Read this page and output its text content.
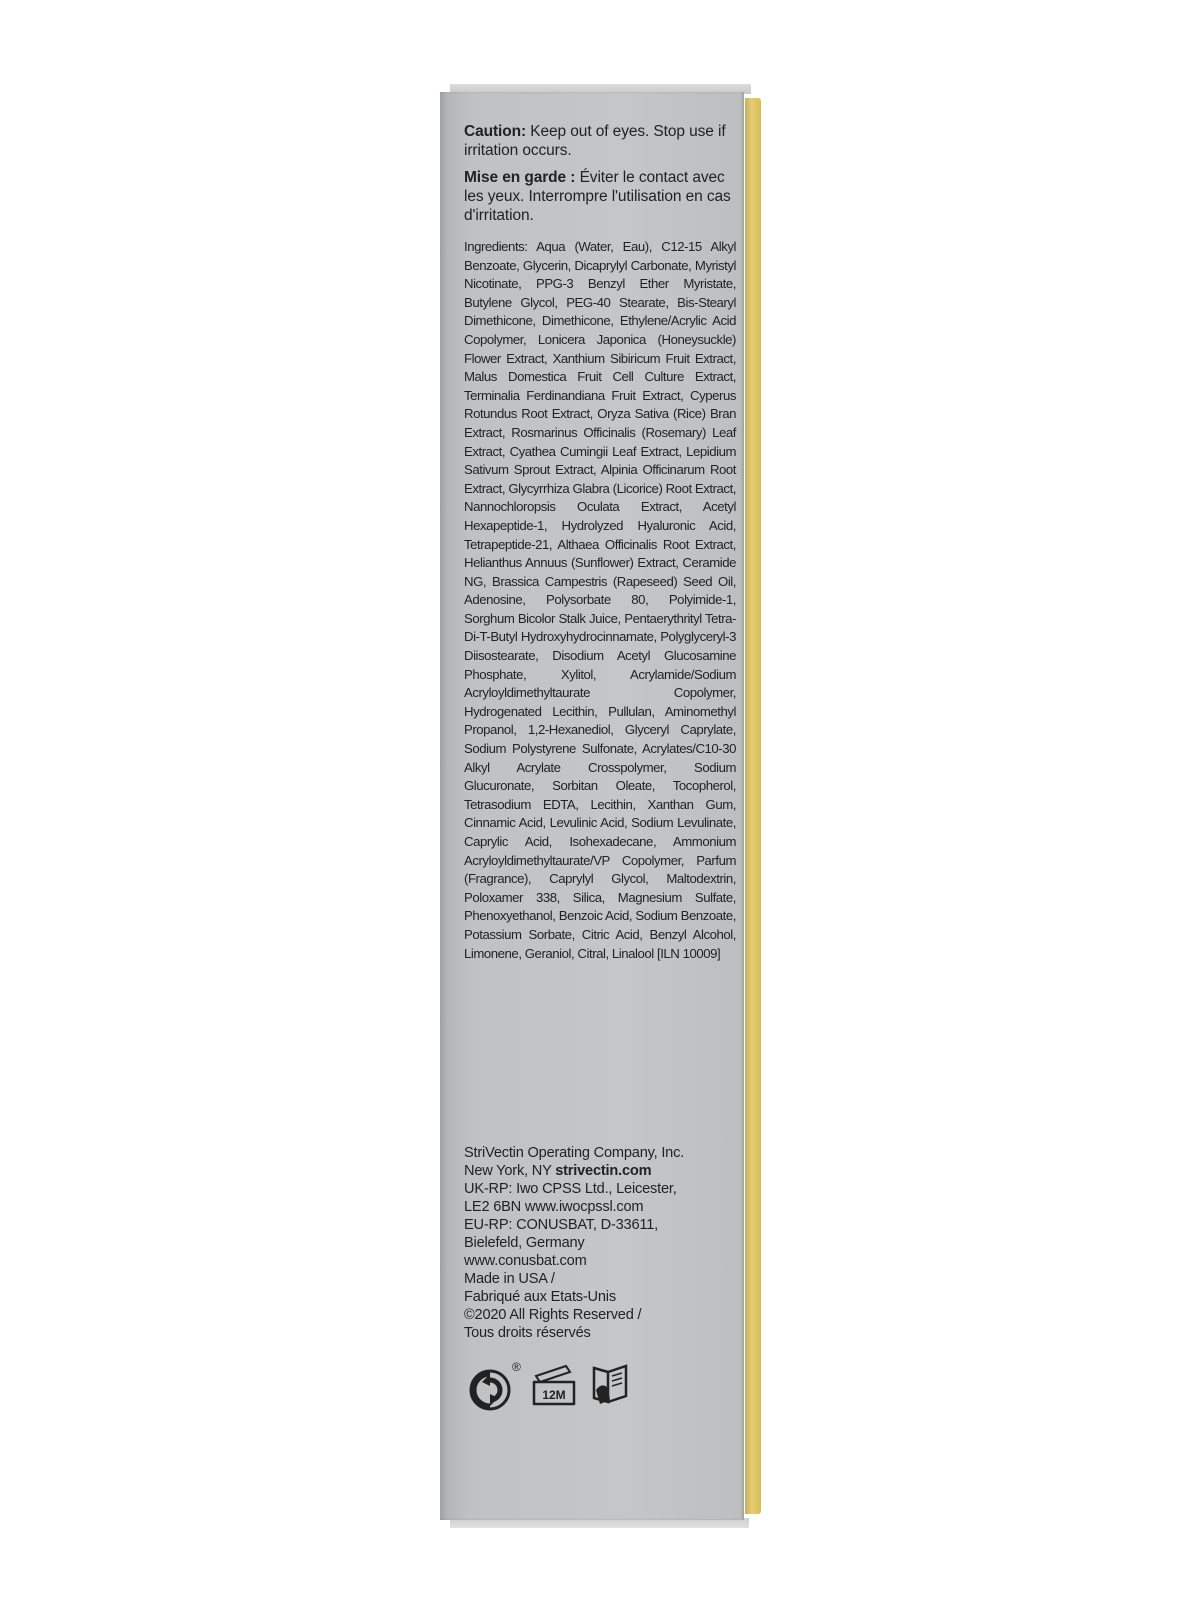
Caution: Keep out of eyes. Stop use if irritation occurs.
Mise en garde : Éviter le contact avec les yeux. Interrompre l'utilisation en cas d'irritation.
Ingredients: Aqua (Water, Eau), C12-15 Alkyl Benzoate, Glycerin, Dicaprylyl Carbonate, Myristyl Nicotinate, PPG-3 Benzyl Ether Myristate, Butylene Glycol, PEG-40 Stearate, Bis-Stearyl Dimethicone, Dimethicone, Ethylene/Acrylic Acid Copolymer, Lonicera Japonica (Honeysuckle) Flower Extract, Xanthium Sibiricum Fruit Extract, Malus Domestica Fruit Cell Culture Extract, Terminalia Ferdinandiana Fruit Extract, Cyperus Rotundus Root Extract, Oryza Sativa (Rice) Bran Extract, Rosmarinus Officinalis (Rosemary) Leaf Extract, Cyathea Cumingii Leaf Extract, Lepidium Sativum Sprout Extract, Alpinia Officinarum Root Extract, Glycyrrhiza Glabra (Licorice) Root Extract, Nannochloropsis Oculata Extract, Acetyl Hexapeptide-1, Hydrolyzed Hyaluronic Acid, Tetrapeptide-21, Althaea Officinalis Root Extract, Helianthus Annuus (Sunflower) Extract, Ceramide NG, Brassica Campestris (Rapeseed) Seed Oil, Adenosine, Polysorbate 80, Polyimide-1, Sorghum Bicolor Stalk Juice, Pentaerythrityl Tetra-Di-T-Butyl Hydroxyhydrocinnamate, Polyglyceryl-3 Diisostearate, Disodium Acetyl Glucosamine Phosphate, Xylitol, Acrylamide/Sodium Acryloyldimethyltaurate Copolymer, Hydrogenated Lecithin, Pullulan, Aminomethyl Propanol, 1,2-Hexanediol, Glyceryl Caprylate, Sodium Polystyrene Sulfonate, Acrylates/C10-30 Alkyl Acrylate Crosspolymer, Sodium Glucuronate, Sorbitan Oleate, Tocopherol, Tetrasodium EDTA, Lecithin, Xanthan Gum, Cinnamic Acid, Levulinic Acid, Sodium Levulinate, Caprylic Acid, Isohexadecane, Ammonium Acryloyldimethyltaurate/VP Copolymer, Parfum (Fragrance), Caprylyl Glycol, Maltodextrin, Poloxamer 338, Silica, Magnesium Sulfate, Phenoxyethanol, Benzoic Acid, Sodium Benzoate, Potassium Sorbate, Citric Acid, Benzyl Alcohol, Limonene, Geraniol, Citral, Linalool [ILN 10009]
StriVectin Operating Company, Inc.
New York, NY strivectin.com
UK-RP: Iwo CPSS Ltd., Leicester,
LE2 6BN www.iwocpssl.com
EU-RP: CONUSBAT, D-33611,
Bielefeld, Germany
www.conusbat.com
Made in USA /
Fabriqué aux Etats-Unis
©2020 All Rights Reserved /
Tous droits réservés
®
12M
